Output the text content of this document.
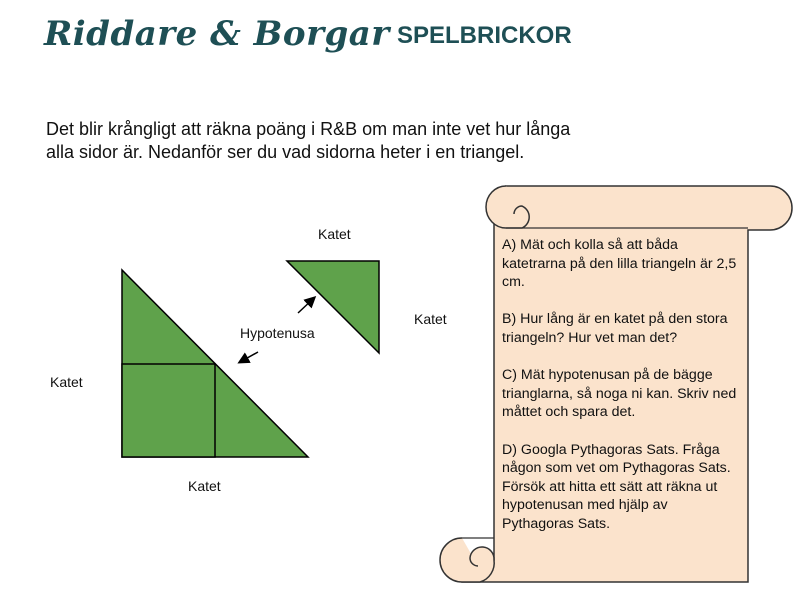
Riddare & Borgar SPELBRICKOR
Det blir krångligt att räkna poäng i R&B om man inte vet hur långa
alla sidor är. Nedanför ser du vad sidorna heter i en triangel.
Katet
Katet
Hypotenusa
Katet
Katet
A) Mät och kolla så att båda katetrarna på den lilla triangeln är 2,5 cm.
B) Hur lång är en katet på den stora triangeln? Hur vet man det?
C) Mät hypotenusan på de bägge trianglarna, så noga ni kan. Skriv ned måttet och spara det.
D) Googla Pythagoras Sats. Fråga någon som vet om Pythagoras Sats. Försök att hitta ett sätt att räkna ut hypotenusan med hjälp av Pythagoras Sats.
